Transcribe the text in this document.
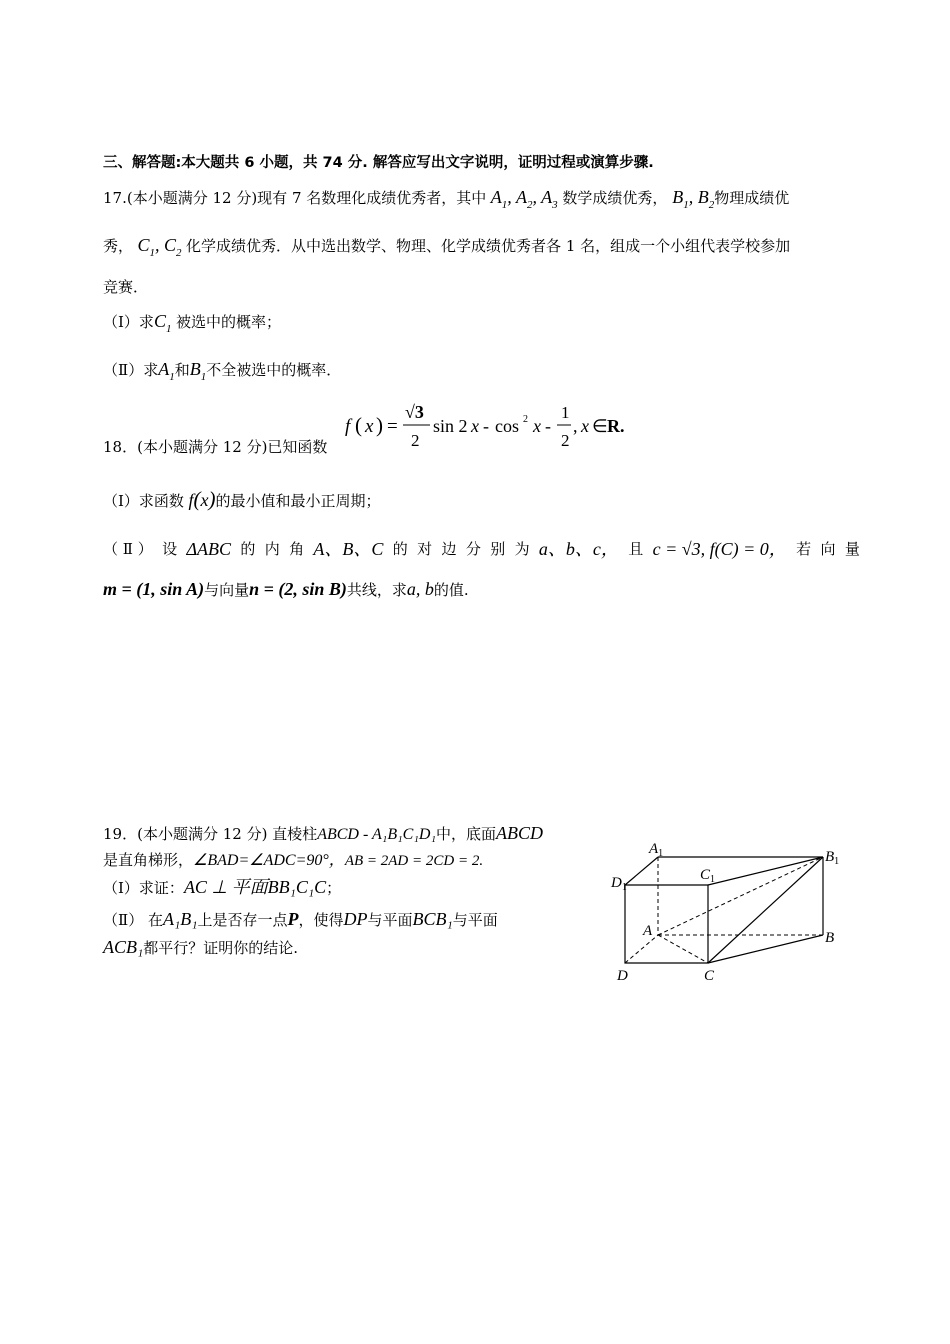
三、解答题:本大题共 6 小题，共 74 分. 解答应写出文字说明，证明过程或演算步骤.
17.(本小题满分 12 分)现有 7 名数理化成绩优秀者，其中 $A_1$, $A_2$, $A_3$ 数学成绩优秀， $B_1$, $B_2$物理成绩优
秀， $C_1$, $C_2$ 化学成绩优秀．从中选出数学、物理、化学成绩优秀者各 1 名，组成一个小组代表学校参加
竞赛．
（Ⅰ）求$C_1$ 被选中的概率；
（Ⅱ）求$A_1$和$B_1$不全被选中的概率．
18．(本小题满分 12 分)已知函数
f ( x ) =
√3
2
sin 2 x - cos 2 x -
1
2
, x ∈ R.
（Ⅰ）求函数 f(x)的最小值和最小正周期；
（ Ⅱ ） 设 ΔABC 的 内 角 A、B、C 的 对 边 分 别 为 a、b、c， 且 c = √3, f(C) = 0， 若 向 量
m = (1, sin A)与向量n = (2, sin B)共线，求a, b的值.
19．(本小题满分 12 分) 直棱柱ABCD - A₁B₁C₁D₁中，底面ABCD
是直角梯形，∠BAD=∠ADC=90°，AB = 2AD = 2CD = 2.
（Ⅰ）求证：AC ⊥ 平面BB₁C₁C；
（Ⅱ） 在A₁B₁上是否存一点P，使得DP与平面BCB₁与平面
ACB₁都平行？证明你的结论.
$A_1$	$B_1$
$C_1$
$D_1$
A	B
C
D
